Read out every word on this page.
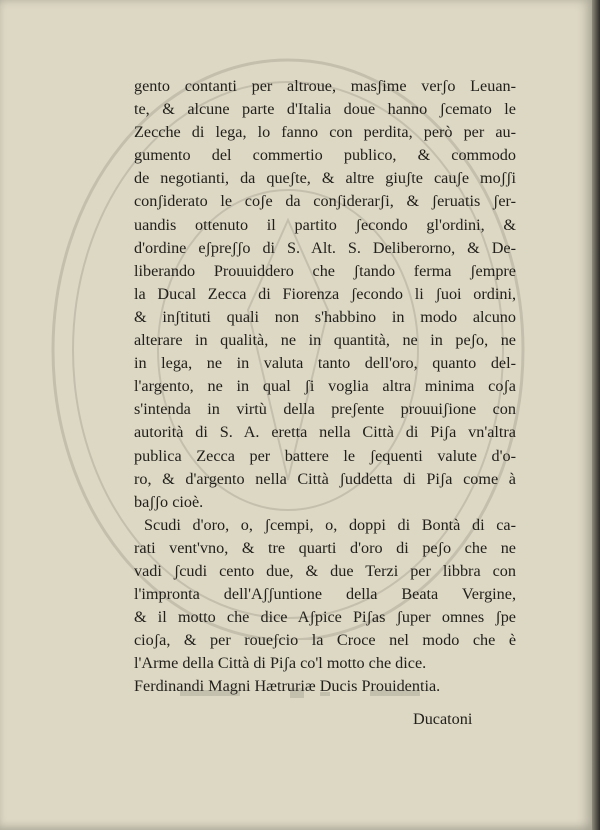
gento contanti per altroue, masʃime verʃo Leuan-
te, & alcune parte d'Italia doue hanno ʃcemato le
Zecche di lega, lo fanno con perdita, però per au-
gumento del commertio publico, & commodo
de negotianti, da queʃte, & altre giuʃte cauʃe moʃʃi
conʃiderato le coʃe da conʃiderarʃi, & ʃeruatis ʃer-
uandis ottenuto il partito ʃecondo gl'ordini, &
d'ordine eʃpreʃʃo di S. Alt. S. Deliberorno, & De-
liberando Prouuiddero che ʃtando ferma ʃempre
la Ducal Zecca di Fiorenza ʃecondo li ʃuoi ordini,
& inʃtituti quali non s'habbino in modo alcuno
alterare in qualità, ne in quantità, ne in peʃo, ne
in lega, ne in valuta tanto dell'oro, quanto del-
l'argento, ne in qual ʃi voglia altra minima coʃa
s'intenda in virtù della preʃente prouuiʃione con
autorità di S. A. eretta nella Città di Piʃa vn'altra
publica Zecca per battere le ʃequenti valute d'o-
ro, & d'argento nella Città ʃuddetta di Piʃa come à
baʃʃo cioè.
Scudi d'oro, o, ʃcempi, o, doppi di Bontà di ca-
rati vent'vno, & tre quarti d'oro di peʃo che ne
vadi ʃcudi cento due, & due Terzi per libbra con
l'impronta dell'Aʃʃuntione della Beata Vergine,
& il motto che dice Aʃpice Piʃas ʃuper omnes ʃpe
cioʃa, & per roueʃcio la Croce nel modo che è
l'Arme della Città di Piʃa co'l motto che dice.
Ferdinandi Magni Hætruriæ Ducis Prouidentia.
Ducatoni
